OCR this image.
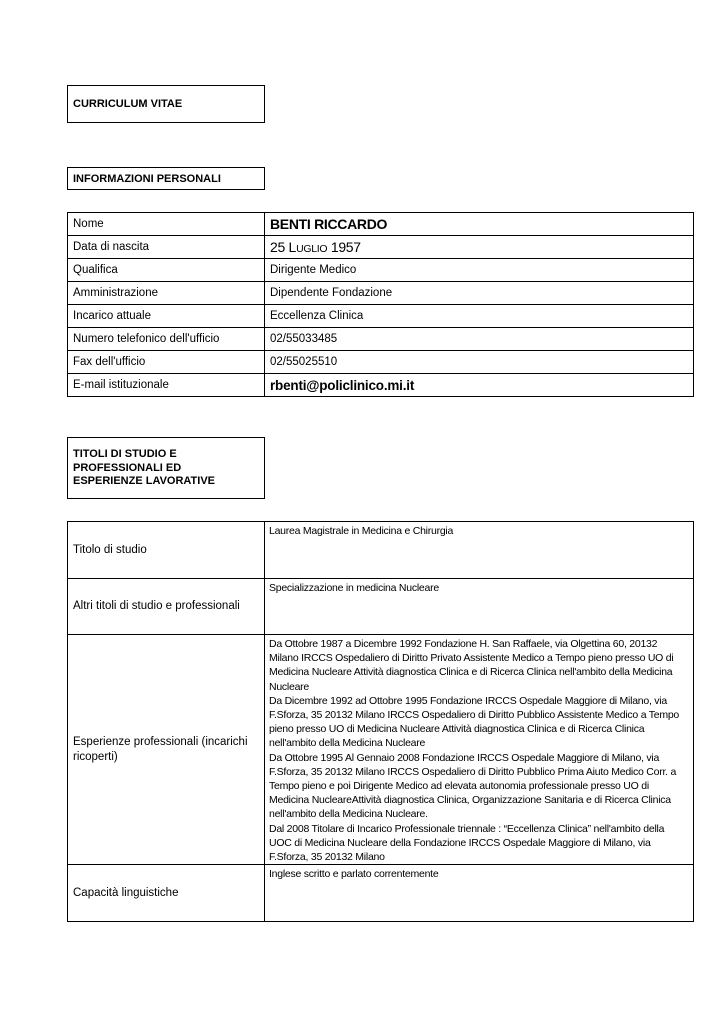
CURRICULUM VITAE
INFORMAZIONI PERSONALI
Nome	BENTI RICCARDO
Data di nascita	25 LUGLIO 1957
Qualifica	Dirigente Medico
Amministrazione	Dipendente Fondazione
Incarico attuale	Eccellenza Clinica
Numero telefonico dell'ufficio	02/55033485
Fax dell'ufficio	02/55025510
E-mail istituzionale	rbenti@policlinico.mi.it
TITOLI DI STUDIO E
PROFESSIONALI ED
ESPERIENZE LAVORATIVE
Titolo di studio	Laurea Magistrale in Medicina e Chirurgia
Altri titoli di studio e professionali	Specializzazione in medicina Nucleare
Esperienze professionali (incarichi ricoperti)	Da Ottobre 1987 a Dicembre 1992 Fondazione H. San Raffaele, via Olgettina 60, 20132 Milano IRCCS Ospedaliero di Diritto Privato Assistente Medico a Tempo pieno presso UO di Medicina Nucleare Attività diagnostica Clinica e di Ricerca Clinica nell'ambito della Medicina Nucleare
Da Dicembre 1992 ad Ottobre 1995 Fondazione IRCCS Ospedale Maggiore di Milano, via F.Sforza, 35 20132 Milano IRCCS Ospedaliero di Diritto Pubblico Assistente Medico a Tempo pieno presso UO di Medicina Nucleare Attività diagnostica Clinica e di Ricerca Clinica nell'ambito della Medicina Nucleare
Da Ottobre 1995 Al Gennaio 2008 Fondazione IRCCS Ospedale Maggiore di Milano, via F.Sforza, 35 20132 Milano IRCCS Ospedaliero di Diritto Pubblico Prima Aiuto Medico Corr. a Tempo pieno e poi Dirigente Medico ad elevata autonomia professionale presso UO di Medicina NucleareAttività diagnostica Clinica, Organizzazione Sanitaria e di Ricerca Clinica nell'ambito della Medicina Nucleare.
Dal 2008 Titolare di Incarico Professionale triennale : “Eccellenza Clinica” nell'ambito della UOC di Medicina Nucleare della Fondazione IRCCS Ospedale Maggiore di Milano, via F.Sforza, 35 20132 Milano

Capacità linguistiche	Inglese scritto e parlato correntemente
